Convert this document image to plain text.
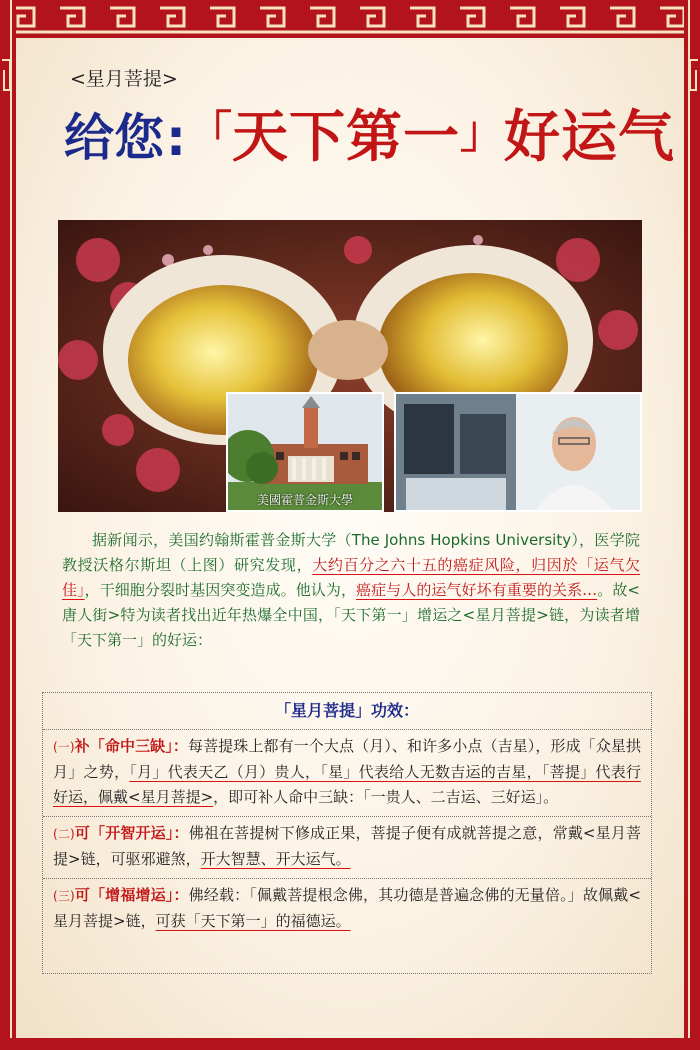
<星月菩提>
给您:「天下第一」好运气
美國霍普金斯大學

据新闻示，美国约翰斯霍普金斯大学（The Johns Hopkins University），医学院教授沃格尔斯坦（上图）研究发现，大约百分之六十五的癌症风险，归因於「运气欠佳」，干细胞分裂时基因突变造成。他认为，癌症与人的运气好坏有重要的关系…。故<唐人街>特为读者找出近年热爆全中国，「天下第一」增运之<星月菩提>链，为读者增「天下第一」的好运：

「星月菩提」功效：
(一)补「命中三缺」：每菩提珠上都有一个大点（月）、和许多小点（吉星），形成「众星拱月」之势，「月」代表天乙（月）贵人，「星」代表给人无数吉运的吉星，「菩提」代表行好运，佩戴<星月菩提>，即可补人命中三缺：「一贵人、二吉运、三好运」。
(二)可「开智开运」：佛祖在菩提树下修成正果，菩提子便有成就菩提之意，常戴<星月菩提>链，可驱邪避煞，开大智慧、开大运气。
(三)可「增福增运」：佛经载：「佩戴菩提根念佛，其功德是普遍念佛的无量倍。」故佩戴<星月菩提>链，可获「天下第一」的福德运。
